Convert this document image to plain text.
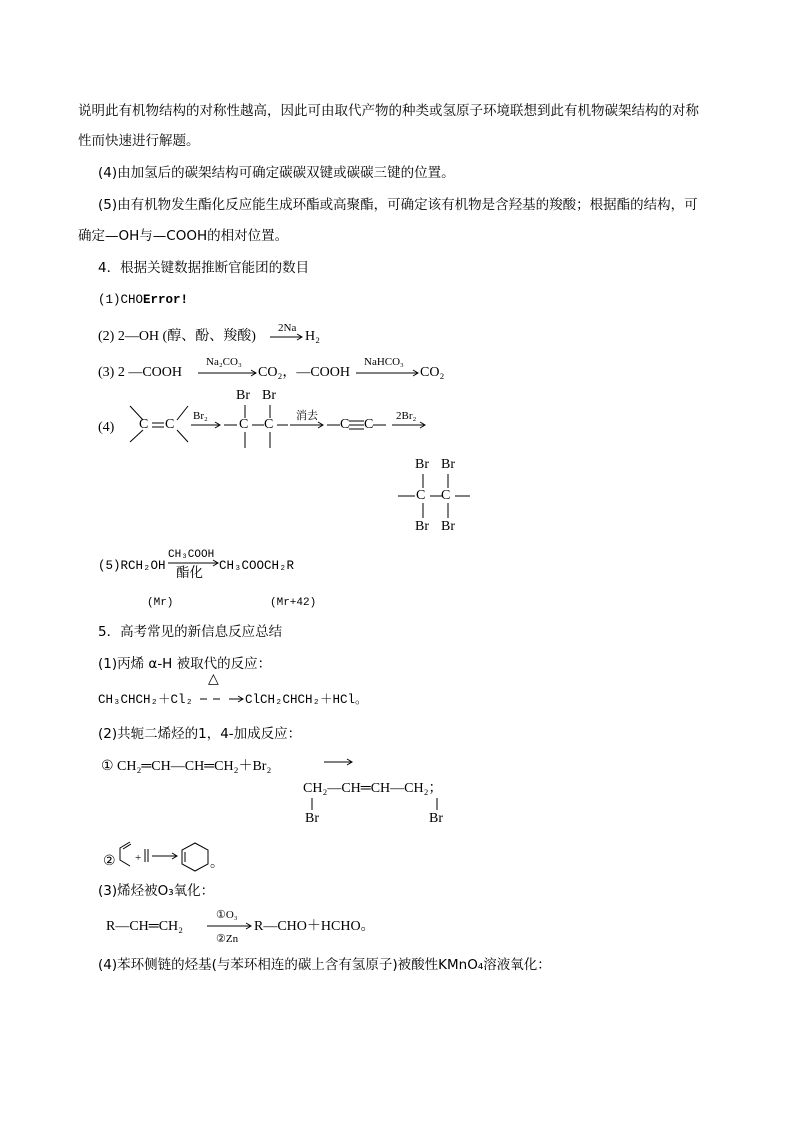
说明此有机物结构的对称性越高，因此可由取代产物的种类或氢原子环境联想到此有机物碳架结构的对称
性而快速进行解题。
(4)由加氢后的碳架结构可确定碳碳双键或碳碳三键的位置。
(5)由有机物发生酯化反应能生成环酯或高聚酯，可确定该有机物是含羟基的羧酸；根据酯的结构，可
确定—OH与—COOH的相对位置。
4．根据关键数据推断官能团的数目
(1)CHOError!
(2) 2—OH (醇、酚、羧酸)
2Na
H₂
(3) 2 —COOH
Na₂CO₃
CO₂，—COOH
NaHCO₃
CO₂
(4) C C
Br₂
Br Br
C C
消去
C C
2Br₂
Br Br
C C
Br Br
(5)RCH₂OH
CH₃COOH
酯化 CH₃COOCH₂R
(Mr)	(Mr+42)
5．高考常见的新信息反应总结
(1)丙烯 α-H 被取代的反应：
CH₃CHCH₂＋Cl₂
△
ClCH₂CHCH₂＋HCl。
(2)共轭二烯烃的1，4-加成反应：
① CH₂═CH—CH═CH₂＋Br₂
CH₂—CH═CH—CH₂；
Br	Br
② +	。
(3)烯烃被O₃氧化：
R—CH═CH₂
①O₃
②Zn
R—CHO＋HCHO。
(4)苯环侧链的烃基(与苯环相连的碳上含有氢原子)被酸性KMnO₄溶液氧化：
